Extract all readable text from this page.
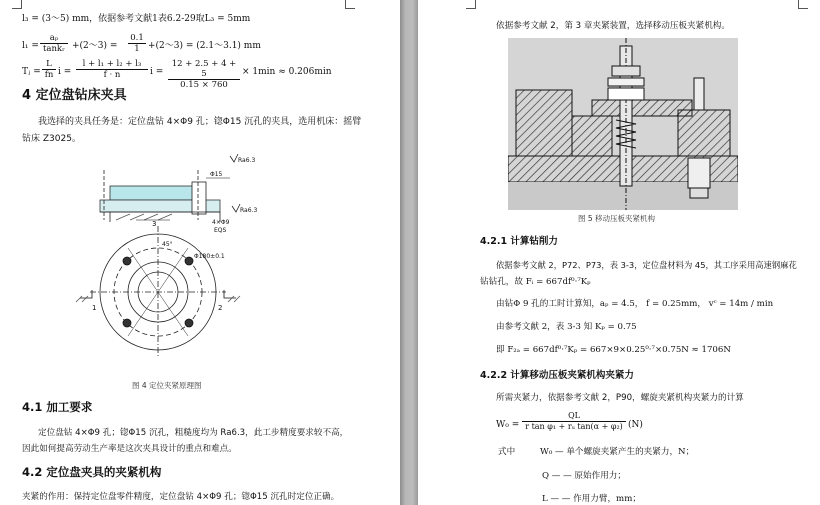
l₃ = (3～5) mm，依据参考文献1表6.2-29取L₃ = 5mm
$l_1 = \frac{\text{aₚ}}{\text{tankᵣ}}$ +(2～3) = $\frac{0.1}{1}$ +(2～3) = (2.1～3.1) mm
Tⱼ = $\frac{L}{fn}$ $i = \frac{\text{l + l₁ + l₂ + l₃}}{f \cdot n}$ $i = \frac{12 + 2.5 + 4 + 5}{0.15 \times 760} \times 1\min \approx 0.206\min$
4 定位盘钻床夹具
我选择的夹具任务是：定位盘钻 4×Φ9 孔；锪Φ15 沉孔的夹具，选用机床：摇臂
钻床 Z3025。
Ra6.3
Φ15
Ra6.3
4×Φ9
EQS
3
45°
Φ180±0.1
1	2
图 4 定位夹紧原理图
4.1 加工要求
定位盘钻 4×Φ9 孔；锪Φ15 沉孔，粗糙度均为 Ra6.3，此工步精度要求较不高，
因此如何提高劳动生产率是这次夹具设计的重点和难点。
4.2 定位盘夹具的夹紧机构
夹紧的作用：保持定位盘零件精度，定位盘钻 4×Φ9 孔；锪Φ15 沉孔时定位正确。
依据参考文献 2，第 3 章夹紧装置，选择移动压板夹紧机构。
图 5 移动压板夹紧机构
4.2.1 计算钻削力
依据参考文献 2，P72、P73，表 3-3，定位盘材料为 45，其工序采用高速钢麻花
钻钻孔，故 Fᵢ = 667df⁰·⁷Kₚ
由钻Φ 9 孔的工时计算知，aₚ = 4.5， f = 0.25mm， vᶜ = 14m / min
由参考文献 2，表 3-3 知 Kₚ = 0.75
即 F₂ₐ = 667df⁰·⁷Kₚ = 667×9×0.25⁰·⁷×0.75N ≈ 1706N
4.2.2 计算移动压板夹紧机构夹紧力
所需夹紧力，依据参考文献 2，P90，螺旋夹紧机构夹紧力的计算
$W_0 = \frac{QL}{\text{r tan φ₁ + rᵤ tan(α + φ₂)}} (N)$
式中	W₀ — 单个螺旋夹紧产生的夹紧力，N；
Q — — 原始作用力；
L — — 作用力臂，mm；
